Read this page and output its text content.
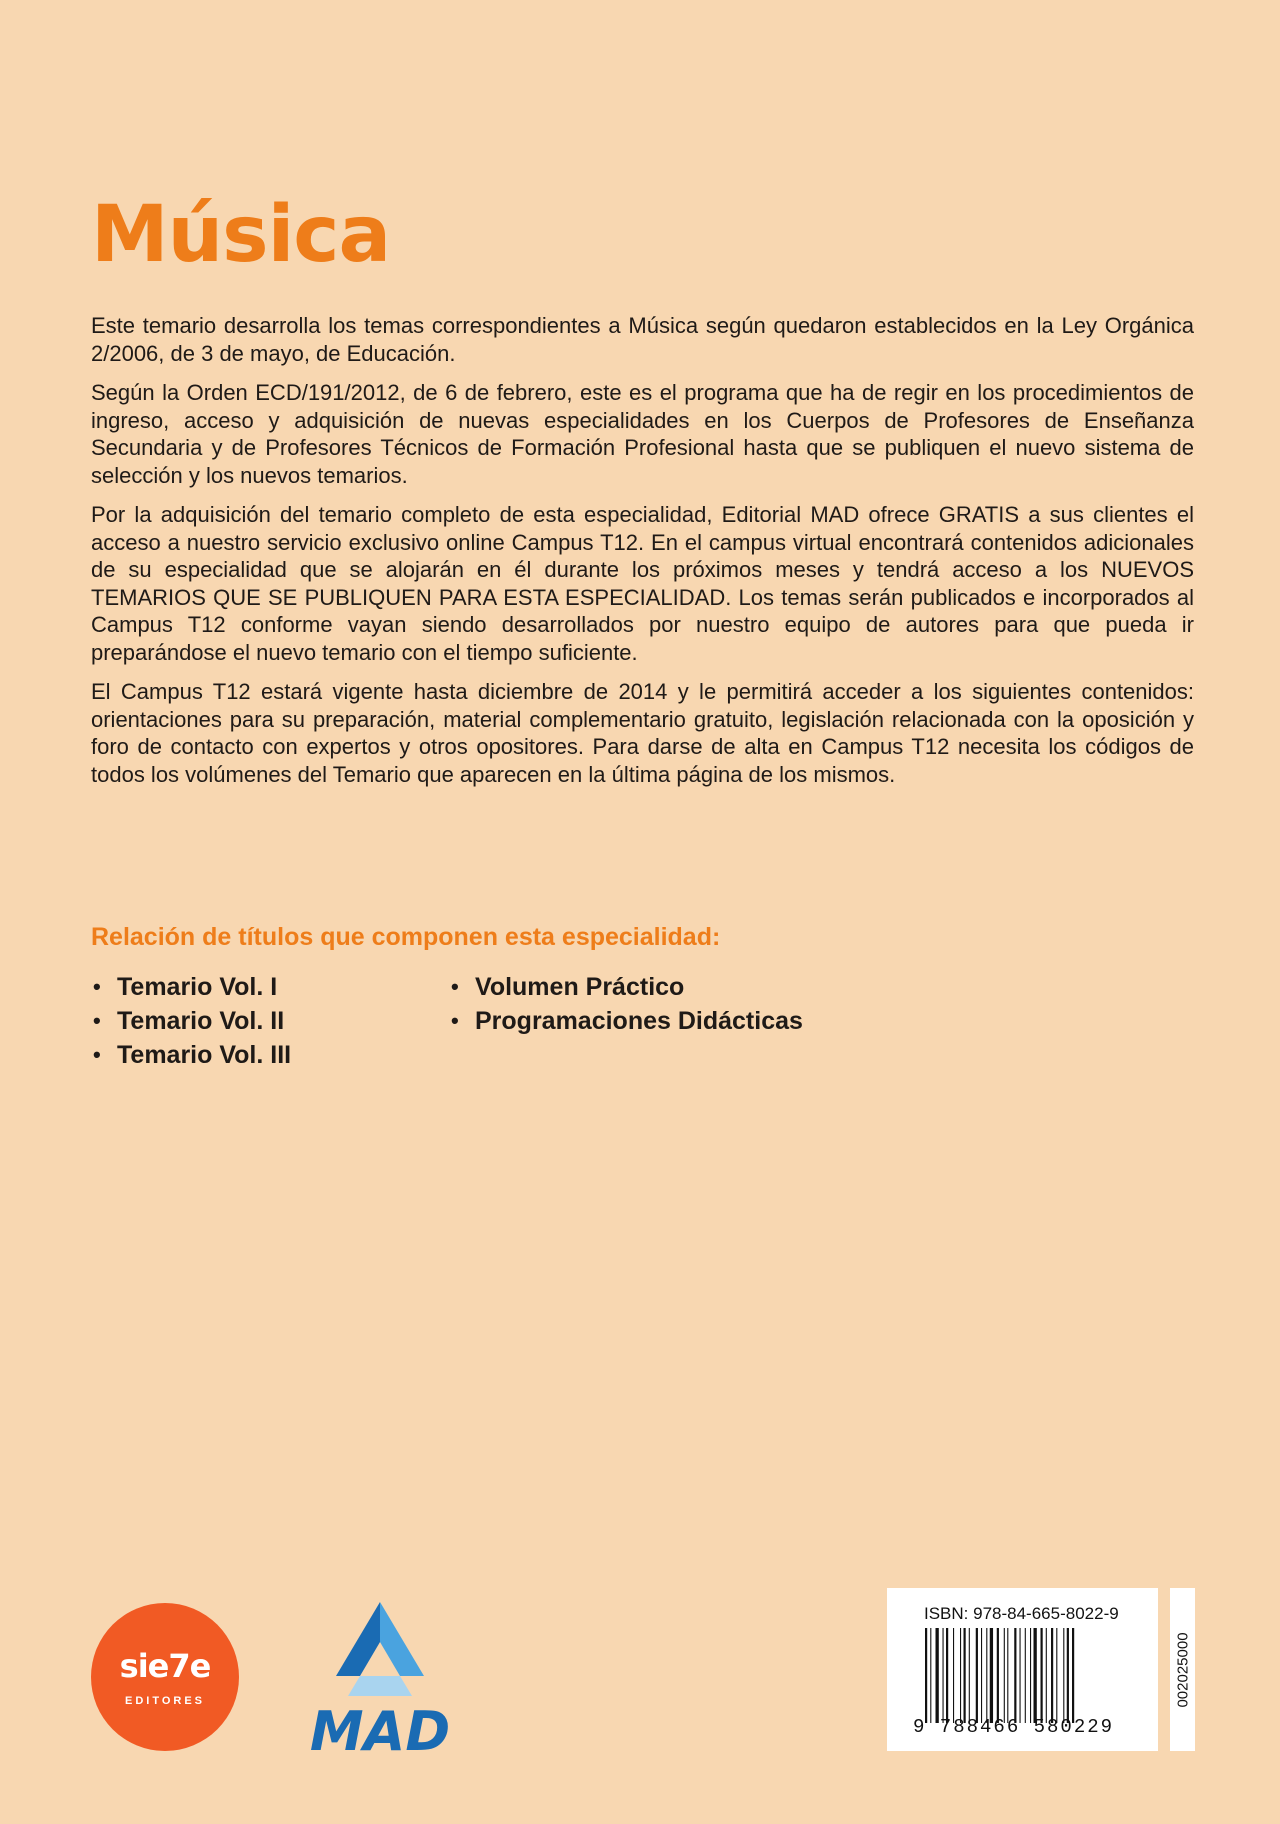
Música

Este temario desarrolla los temas correspondientes a Música según quedaron establecidos en la Ley Orgánica 2/2006, de 3 de mayo, de Educación.

Según la Orden ECD/191/2012, de 6 de febrero, este es el programa que ha de regir en los procedimientos de ingreso, acceso y adquisición de nuevas especialidades en los Cuerpos de Profesores de Enseñanza Secundaria y de Profesores Técnicos de Formación Profesional hasta que se publiquen el nuevo sistema de selección y los nuevos temarios.

Por la adquisición del temario completo de esta especialidad, Editorial MAD ofrece GRATIS a sus clientes el acceso a nuestro servicio exclusivo online Campus T12. En el campus virtual encontrará contenidos adicionales de su especialidad que se alojarán en él durante los próximos meses y tendrá acceso a los NUEVOS TEMARIOS QUE SE PUBLIQUEN PARA ESTA ESPECIALIDAD. Los temas serán publicados e incorporados al Campus T12 conforme vayan siendo desarrollados por nuestro equipo de autores para que pueda ir preparándose el nuevo temario con el tiempo suficiente.

El Campus T12 estará vigente hasta diciembre de 2014 y le permitirá acceder a los siguientes contenidos: orientaciones para su preparación, material complementario gratuito, legislación relacionada con la oposición y foro de contacto con expertos y otros opositores. Para darse de alta en Campus T12 necesita los códigos de todos los volúmenes del Temario que aparecen en la última página de los mismos.

Relación de títulos que componen esta especialidad:
• Temario Vol. I
• Temario Vol. II
• Temario Vol. III
• Volumen Práctico
• Programaciones Didácticas
sie7e
EDITORES	MAD
ISBN: 978-84-665-8022-9
9 788466 580229
002025000
